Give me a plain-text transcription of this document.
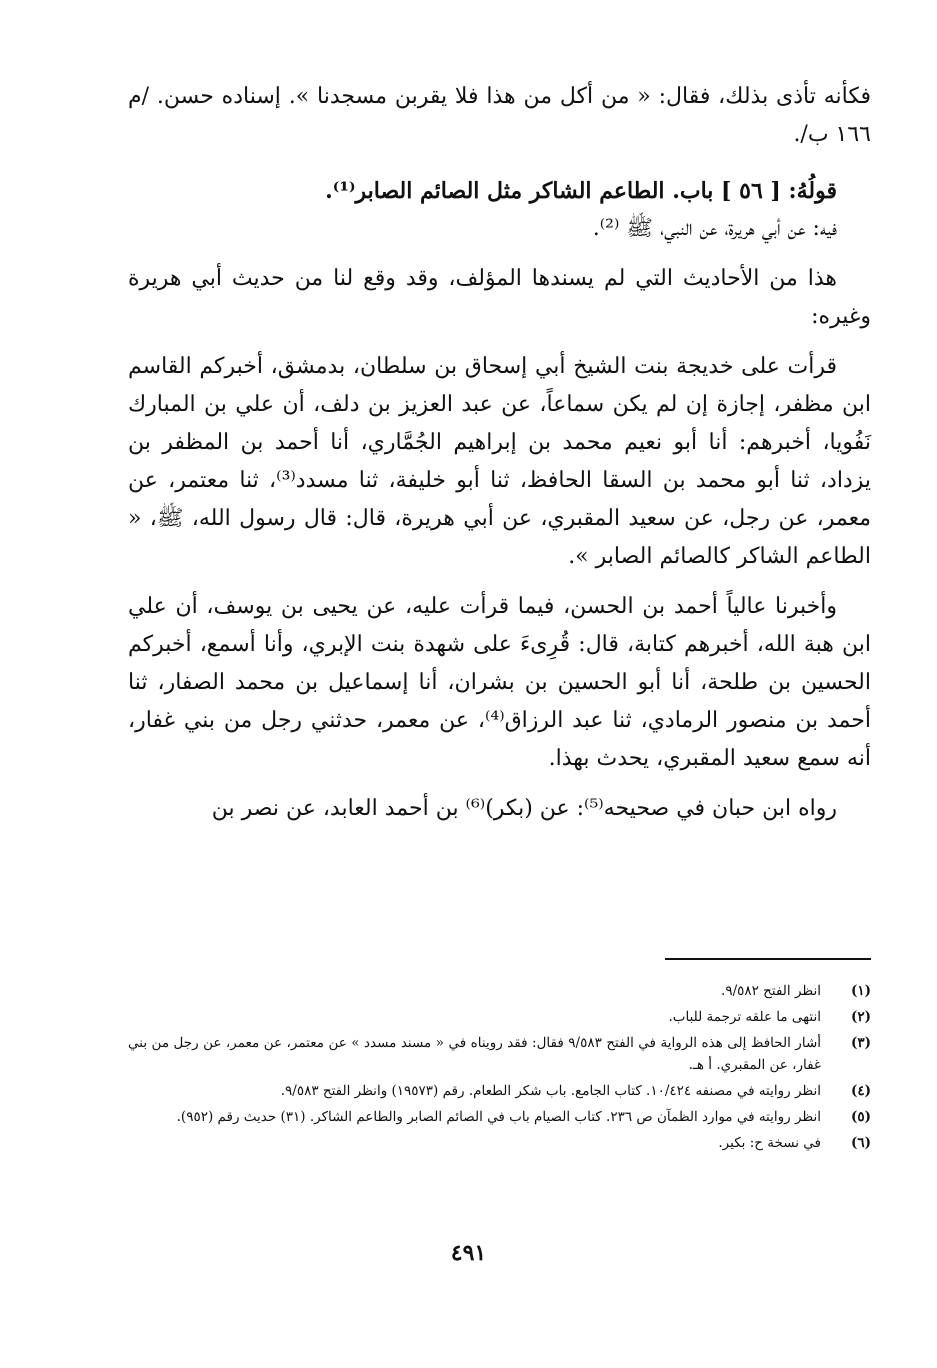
فكأنه تأذى بذلك، فقال: « من أكل من هذا فلا يقربن مسجدنا ». إسناده حسن. /م ١٦٦ ب/.

قولُهُ: [ ٥٦ ] باب. الطاعم الشاكر مثل الصائم الصابر⁽¹⁾.

فيه: عن أبي هريرة، عن النبي، ﷺ ⁽²⁾.

هذا من الأحاديث التي لم يسندها المؤلف، وقد وقع لنا من حديث أبي هريرة وغيره:

قرأت على خديجة بنت الشيخ أبي إسحاق بن سلطان، بدمشق، أخبركم القاسم ابن مظفر، إجازة إن لم يكن سماعاً، عن عبد العزيز بن دلف، أن علي بن المبارك نَفُويا، أخبرهم: أنا أبو نعيم محمد بن إبراهيم الجُمَّاري، أنا أحمد بن المظفر بن يزداد، ثنا أبو محمد بن السقا الحافظ، ثنا أبو خليفة، ثنا مسدد⁽³⁾، ثنا معتمر، عن معمر، عن رجل، عن سعيد المقبري، عن أبي هريرة، قال: قال رسول الله، ﷺ، « الطاعم الشاكر كالصائم الصابر ».

وأخبرنا عالياً أحمد بن الحسن، فيما قرأت عليه، عن يحيى بن يوسف، أن علي ابن هبة الله، أخبرهم كتابة، قال: قُرِىءَ على شهدة بنت الإبري، وأنا أسمع، أخبركم الحسين بن طلحة، أنا أبو الحسين بن بشران، أنا إسماعيل بن محمد الصفار، ثنا أحمد بن منصور الرمادي، ثنا عبد الرزاق⁽⁴⁾، عن معمر، حدثني رجل من بني غفار، أنه سمع سعيد المقبري، يحدث بهذا.

رواه ابن حبان في صحيحه⁽⁵⁾: عن (بكر)⁽⁶⁾ بن أحمد العابد، عن نصر بن

(١)
انظر الفتح ٩/٥٨٢.
(٢)
انتهى ما علقه ترجمة للباب.
(٣)
أشار الحافظ إلى هذه الرواية في الفتح ٩/٥٨٣ فقال: فقد رويناه في « مسند مسدد » عن معتمر، عن معمر، عن رجل من بني غفار، عن المقبري. أ هـ.
(٤)
انظر روايته في مصنفه ١٠/٤٢٤. كتاب الجامع. باب شكر الطعام. رقم (١٩٥٧٣) وانظر الفتح ٩/٥٨٣.
(٥)
انظر روايته في موارد الظمآن ص ٢٣٦. كتاب الصيام باب في الصائم الصابر والطاعم الشاكر. (٣١) حديث رقم (٩٥٢).
(٦)
في نسخة ح: بكير.
٤٩١
